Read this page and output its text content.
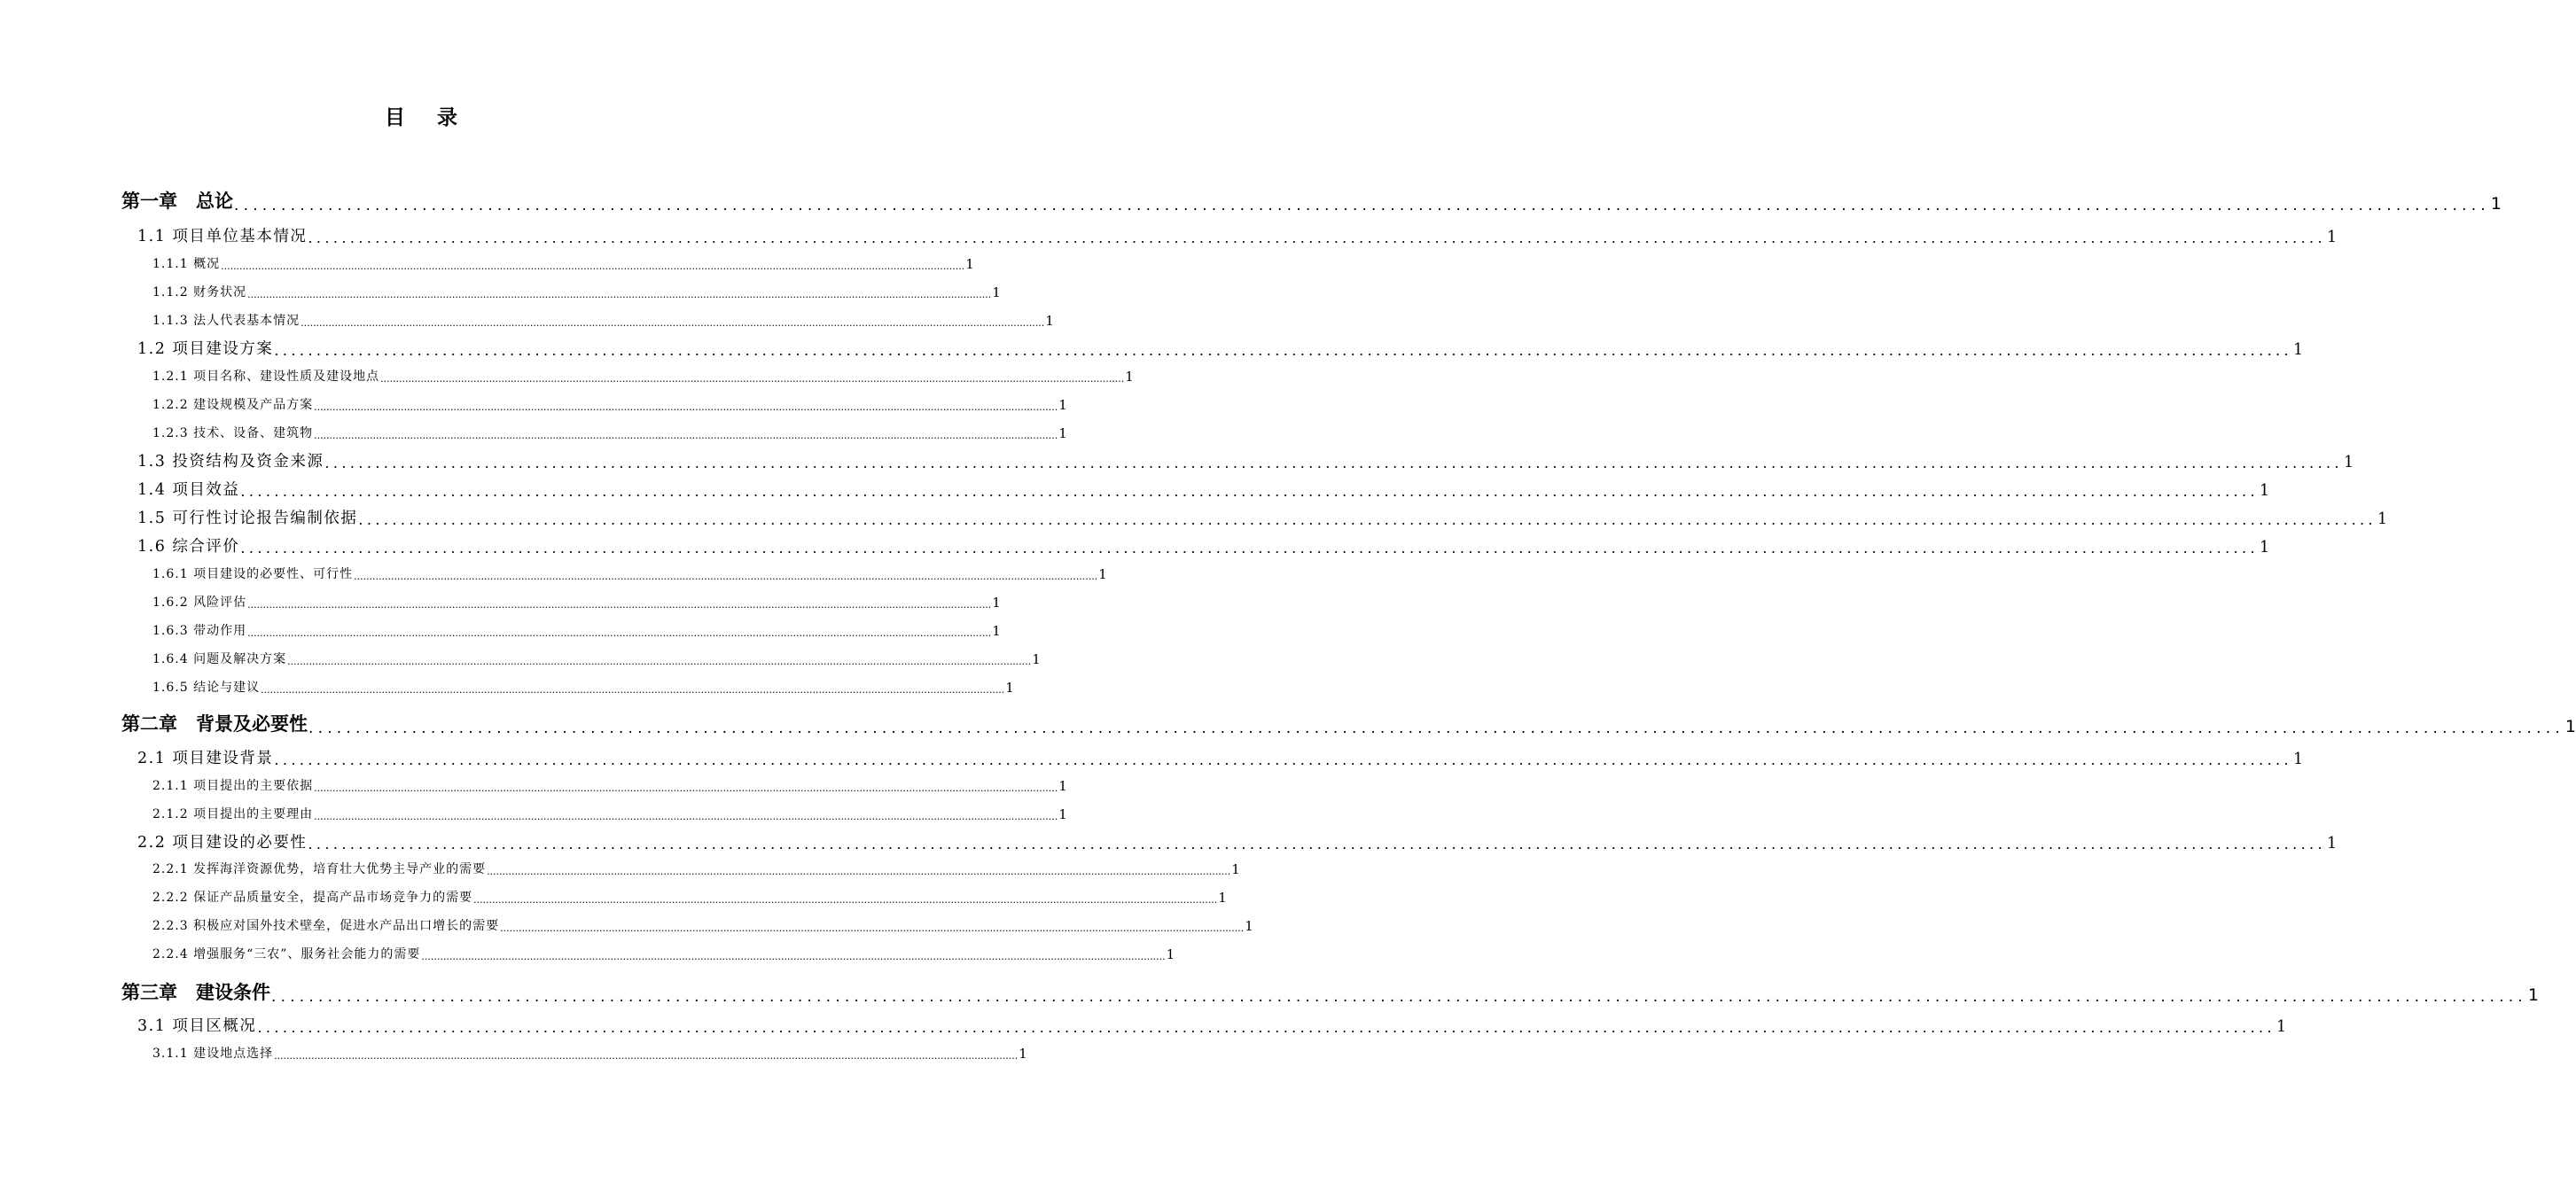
目 录
第一章　总论 ................................................................................................................................................................................................................................................ 1
1.1 项目单位基本情况 ................................................................................................................................................................................................................................................ 1
1.1.1 概况 ................................................................................................................................................................................................................................................ 1
1.1.2 财务状况 ................................................................................................................................................................................................................................................ 1
1.1.3 法人代表基本情况 ................................................................................................................................................................................................................................................ 1
1.2 项目建设方案 ................................................................................................................................................................................................................................................ 1
1.2.1 项目名称、建设性质及建设地点 ................................................................................................................................................................................................................................................ 1
1.2.2 建设规模及产品方案 ................................................................................................................................................................................................................................................ 1
1.2.3 技术、设备、建筑物 ................................................................................................................................................................................................................................................ 1
1.3 投资结构及资金来源 ................................................................................................................................................................................................................................................ 1
1.4 项目效益 ................................................................................................................................................................................................................................................ 1
1.5 可行性讨论报告编制依据 ................................................................................................................................................................................................................................................ 1
1.6 综合评价 ................................................................................................................................................................................................................................................ 1
1.6.1 项目建设的必要性、可行性 ................................................................................................................................................................................................................................................ 1
1.6.2 风险评估 ................................................................................................................................................................................................................................................ 1
1.6.3 带动作用 ................................................................................................................................................................................................................................................ 1
1.6.4 问题及解决方案 ................................................................................................................................................................................................................................................ 1
1.6.5 结论与建议 ................................................................................................................................................................................................................................................ 1
第二章　背景及必要性 ................................................................................................................................................................................................................................................ 1
2.1 项目建设背景 ................................................................................................................................................................................................................................................ 1
2.1.1 项目提出的主要依据 ................................................................................................................................................................................................................................................ 1
2.1.2 项目提出的主要理由 ................................................................................................................................................................................................................................................ 1
2.2 项目建设的必要性 ................................................................................................................................................................................................................................................ 1
2.2.1 发挥海洋资源优势，培育壮大优势主导产业的需要 ................................................................................................................................................................................................................................................ 1
2.2.2 保证产品质量安全，提高产品市场竞争力的需要 ................................................................................................................................................................................................................................................ 1
2.2.3 积极应对国外技术壁垒，促进水产品出口增长的需要 ................................................................................................................................................................................................................................................ 1
2.2.4 增强服务“三农”、服务社会能力的需要 ................................................................................................................................................................................................................................................ 1
第三章　建设条件 ................................................................................................................................................................................................................................................ 1
3.1 项目区概况 ................................................................................................................................................................................................................................................ 1
3.1.1 建设地点选择 ................................................................................................................................................................................................................................................ 1
